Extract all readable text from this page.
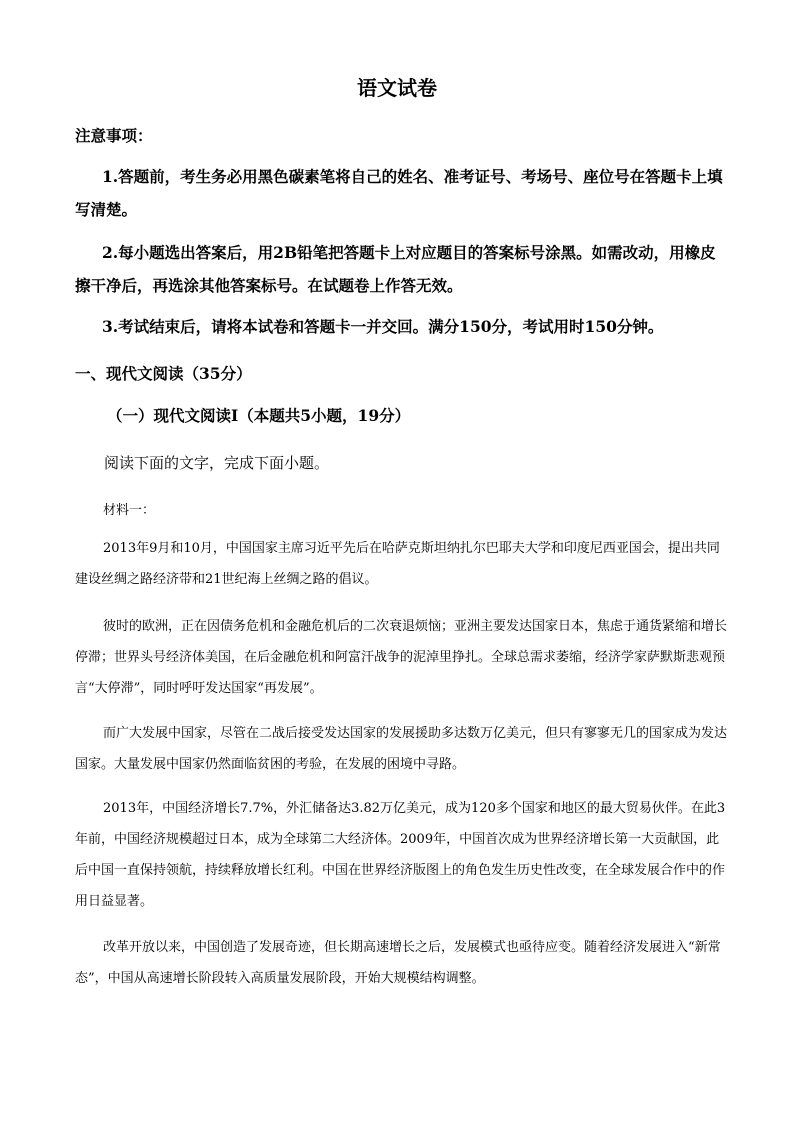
语文试卷
注意事项：

1.答题前，考生务必用黑色碳素笔将自己的姓名、准考证号、考场号、座位号在答题卡上填写清楚。

2.每小题选出答案后，用2B铅笔把答题卡上对应题目的答案标号涂黑。如需改动，用橡皮擦干净后，再选涂其他答案标号。在试题卷上作答无效。

3.考试结束后，请将本试卷和答题卡一并交回。满分150分，考试用时150分钟。

一、现代文阅读（35分）
（一）现代文阅读Ⅰ（本题共5小题，19分）
阅读下面的文字，完成下面小题。
材料一：

2013年9月和10月，中国国家主席习近平先后在哈萨克斯坦纳扎尔巴耶夫大学和印度尼西亚国会，提出共同建设丝绸之路经济带和21世纪海上丝绸之路的倡议。

彼时的欧洲，正在因债务危机和金融危机后的二次衰退烦恼；亚洲主要发达国家日本，焦虑于通货紧缩和增长停滞；世界头号经济体美国，在后金融危机和阿富汗战争的泥淖里挣扎。全球总需求萎缩，经济学家萨默斯悲观预言“大停滞”，同时呼吁发达国家“再发展”。

而广大发展中国家，尽管在二战后接受发达国家的发展援助多达数万亿美元，但只有寥寥无几的国家成为发达国家。大量发展中国家仍然面临贫困的考验，在发展的困境中寻路。

2013年，中国经济增长7.7%，外汇储备达3.82万亿美元，成为120多个国家和地区的最大贸易伙伴。在此3年前，中国经济规模超过日本，成为全球第二大经济体。2009年，中国首次成为世界经济增长第一大贡献国，此后中国一直保持领航，持续释放增长红利。中国在世界经济版图上的角色发生历史性改变，在全球发展合作中的作用日益显著。

改革开放以来，中国创造了发展奇迹，但长期高速增长之后，发展模式也亟待应变。随着经济发展进入“新常态”，中国从高速增长阶段转入高质量发展阶段，开始大规模结构调整。
